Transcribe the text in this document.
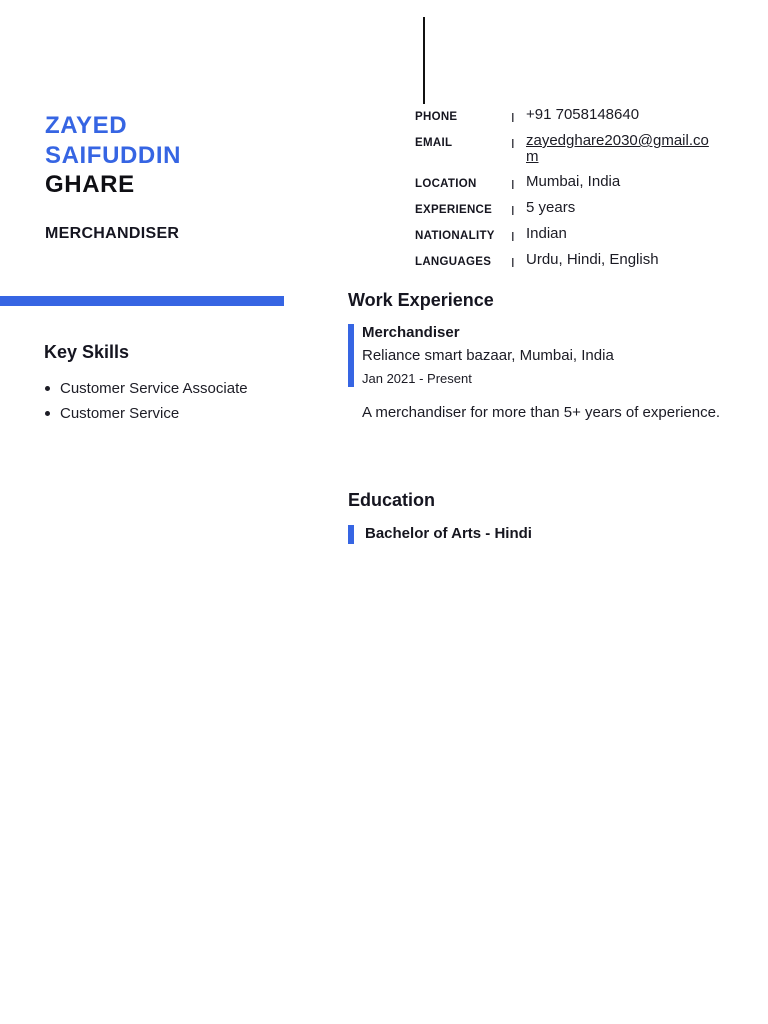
ZAYED
SAIFUDDIN
GHARE
MERCHANDISER
PHONE	I +91 7058148640
EMAIL	I zayedghare2030@gmail.com
LOCATION	I Mumbai, India
EXPERIENCE I 5 years
NATIONALITY I Indian
LANGUAGES I Urdu, Hindi, English
Key Skills
Customer Service Associate
Customer Service
Work Experience
Merchandiser
Reliance smart bazaar, Mumbai, India
Jan 2021 - Present
A merchandiser for more than 5+ years of experience.
Education
Bachelor of Arts - Hindi
